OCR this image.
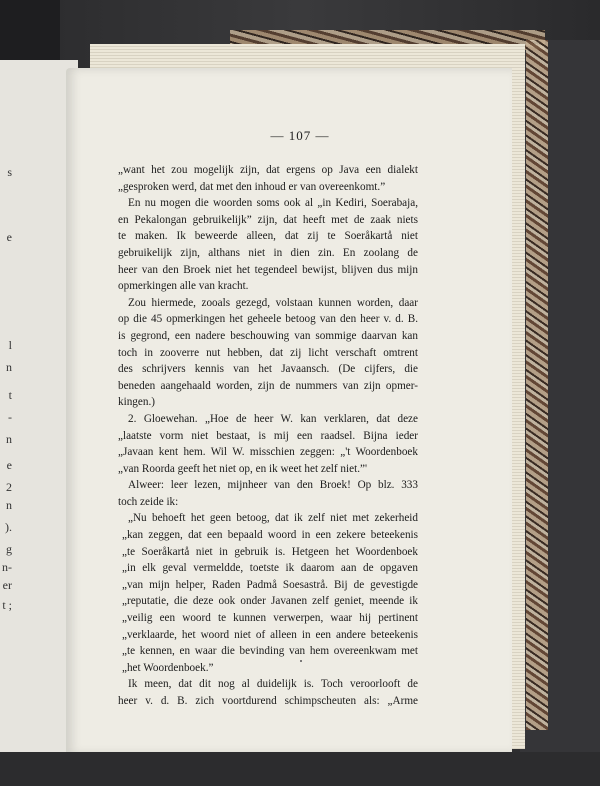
s
e
l
n
t
-
n
e
2
n
).
g
n-
er
t ;
— 107 —
„want het zou mogelijk zijn, dat ergens op Java een dialekt
„gesproken werd, dat met den inhoud er van overeenkomt.”
En nu mogen die woorden soms ook al „in Kediri, Soerabaja,
en Pekalongan gebruikelijk” zijn, dat heeft met de zaak niets
te maken. Ik beweerde alleen, dat zij te Soeråkartå niet
gebruikelijk zijn, althans niet in dien zin. En zoolang de
heer van den Broek niet het tegendeel bewijst, blijven dus mijn
opmerkingen alle van kracht.
Zou hiermede, zooals gezegd, volstaan kunnen worden, daar
op die 45 opmerkingen het geheele betoog van den heer v. d. B.
is gegrond, een nadere beschouwing van sommige daarvan kan
toch in zooverre nut hebben, dat zij licht verschaft omtrent
des schrijvers kennis van het Javaansch. (De cijfers, die
beneden aangehaald worden, zijn de nummers van zijn opmer-
kingen.)
2. Gloewehan. „Hoe de heer W. kan verklaren, dat deze
„laatste vorm niet bestaat, is mij een raadsel. Bijna ieder
„Javaan kent hem. Wil W. misschien zeggen: „'t Woordenboek
„van Roorda geeft het niet op, en ik weet het zelf niet.”'
Alweer: leer lezen, mijnheer van den Broek! Op blz. 333
toch zeide ik:
„Nu behoeft het geen betoog, dat ik zelf niet met zekerheid
„kan zeggen, dat een bepaald woord in een zekere beteekenis
„te Soeråkartå niet in gebruik is. Hetgeen het Woordenboek
„in elk geval vermeldde, toetste ik daarom aan de opgaven
„van mijn helper, Raden Padmå Soesastrå. Bij de gevestigde
„reputatie, die deze ook onder Javanen zelf geniet, meende ik
„veilig een woord te kunnen verwerpen, waar hij pertinent
„verklaarde, het woord niet of alleen in een andere beteekenis
„te kennen, en waar die bevinding van hem overeenkwam met
„het Woordenboek.”
Ik meen, dat dit nog al duidelijk is. Toch veroorlooft de
heer v. d. B. zich voortdurend schimpscheuten als: „Arme
